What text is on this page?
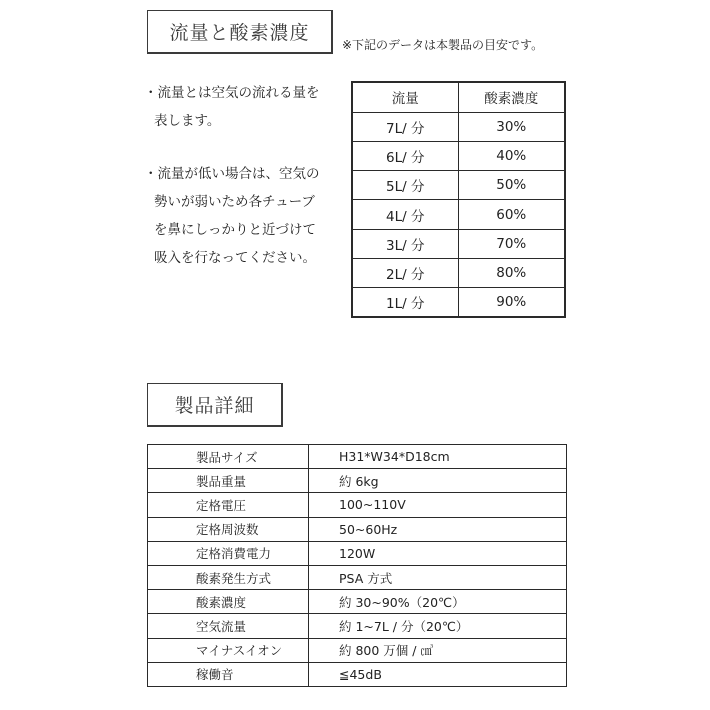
流量と酸素濃度
※下記のデータは本製品の目安です。
・流量とは空気の流れる量を
表します。
・流量が低い場合は、空気の
勢いが弱いため各チューブ
を鼻にしっかりと近づけて
吸入を行なってください。
流量	酸素濃度
7L/ 分	30%
6L/ 分	40%
5L/ 分	50%
4L/ 分	60%
3L/ 分	70%
2L/ 分	80%
1L/ 分	90%
製品詳細
製品サイズ	H31*W34*D18cm
製品重量	約 6kg
定格電圧	100~110V
定格周波数	50~60Hz
定格消費電力	120W
酸素発生方式	PSA 方式
酸素濃度	約 30~90%（20℃）
空気流量	約 1~7L / 分（20℃）
マイナスイオン	約 800 万個 / ㎤
稼働音	≦45dB
